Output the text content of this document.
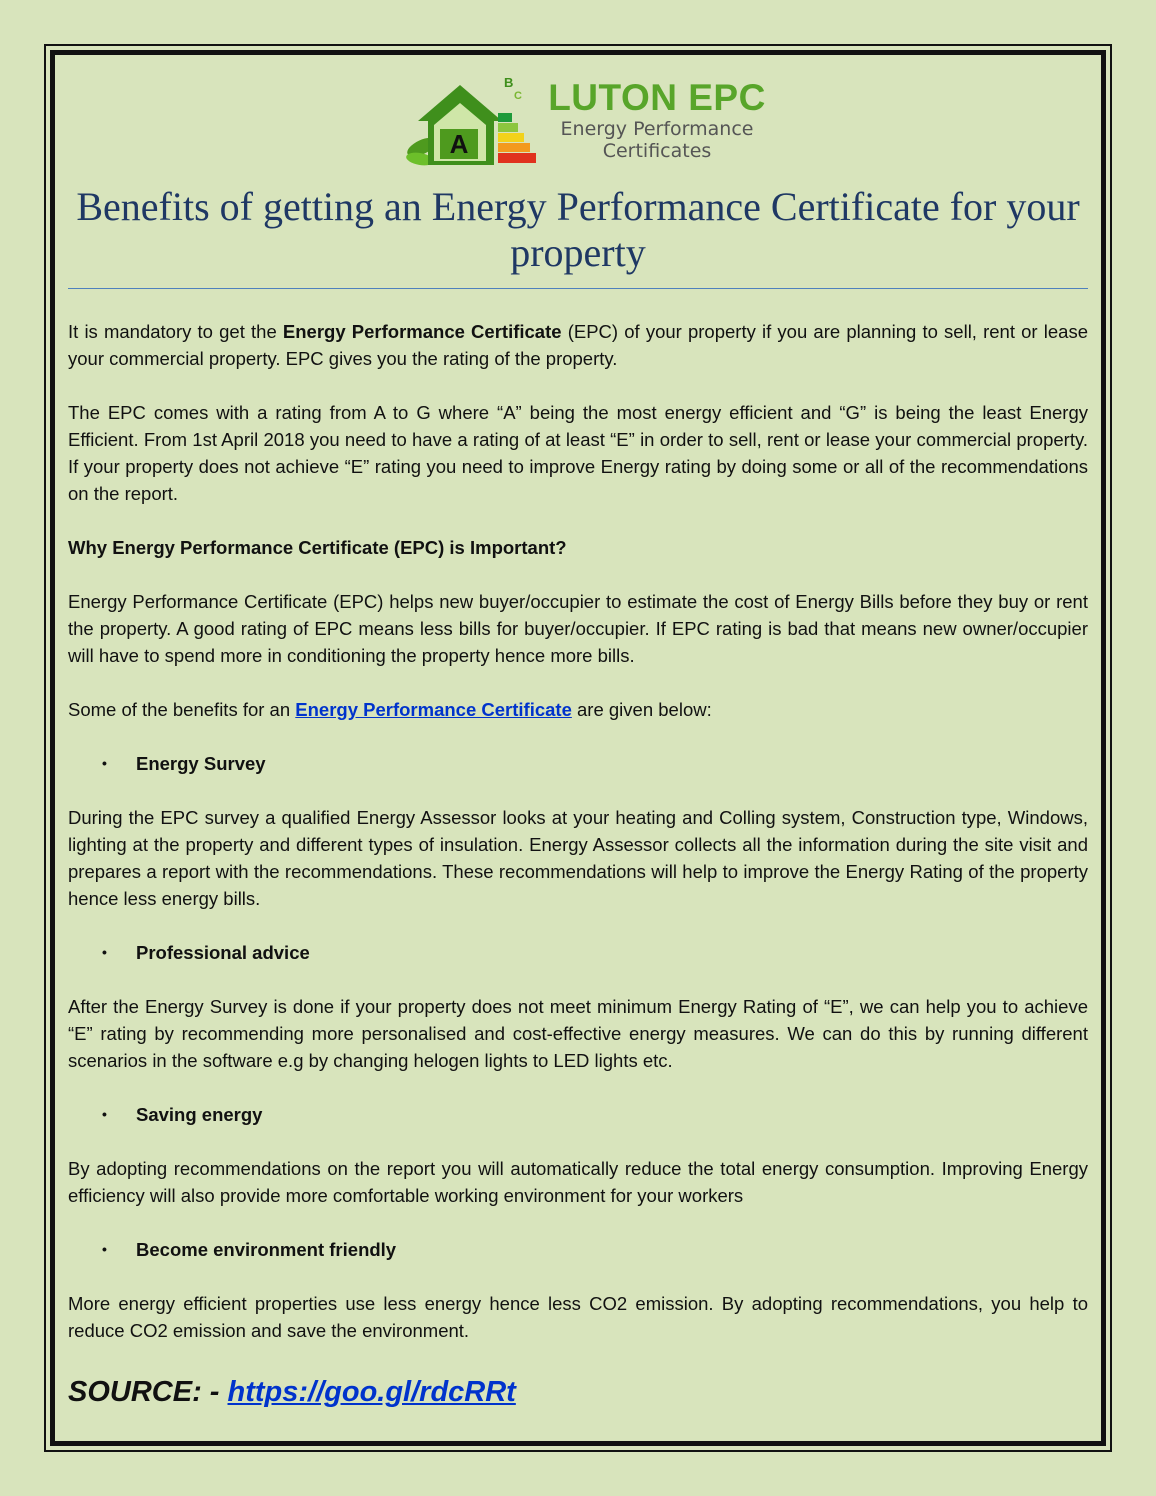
A
B
C LUTON EPC
Energy Performance
Certificates
Benefits of getting an Energy Performance Certificate for your property

It is mandatory to get the Energy Performance Certificate (EPC) of your property if you are planning to sell, rent or lease your commercial property. EPC gives you the rating of the property.

The EPC comes with a rating from A to G where “A” being the most energy efficient and “G” is being the least Energy Efficient. From 1st April 2018 you need to have a rating of at least “E” in order to sell, rent or lease your commercial property. If your property does not achieve “E” rating you need to improve Energy rating by doing some or all of the recommendations on the report.

Why Energy Performance Certificate (EPC) is Important?

Energy Performance Certificate (EPC) helps new buyer/occupier to estimate the cost of Energy Bills before they buy or rent the property. A good rating of EPC means less bills for buyer/occupier. If EPC rating is bad that means new owner/occupier will have to spend more in conditioning the property hence more bills.

Some of the benefits for an Energy Performance Certificate are given below:

•	Energy Survey

During the EPC survey a qualified Energy Assessor looks at your heating and Colling system, Construction type, Windows, lighting at the property and different types of insulation. Energy Assessor collects all the information during the site visit and prepares a report with the recommendations. These recommendations will help to improve the Energy Rating of the property hence less energy bills.

•	Professional advice

After the Energy Survey is done if your property does not meet minimum Energy Rating of “E”, we can help you to achieve “E” rating by recommending more personalised and cost-effective energy measures. We can do this by running different scenarios in the software e.g by changing helogen lights to LED lights etc.

•	Saving energy

By adopting recommendations on the report you will automatically reduce the total energy consumption. Improving Energy efficiency will also provide more comfortable working environment for your workers

•	Become environment friendly

More energy efficient properties use less energy hence less CO2 emission. By adopting recommendations, you help to reduce CO2 emission and save the environment.

SOURCE: - https://goo.gl/rdcRRt
